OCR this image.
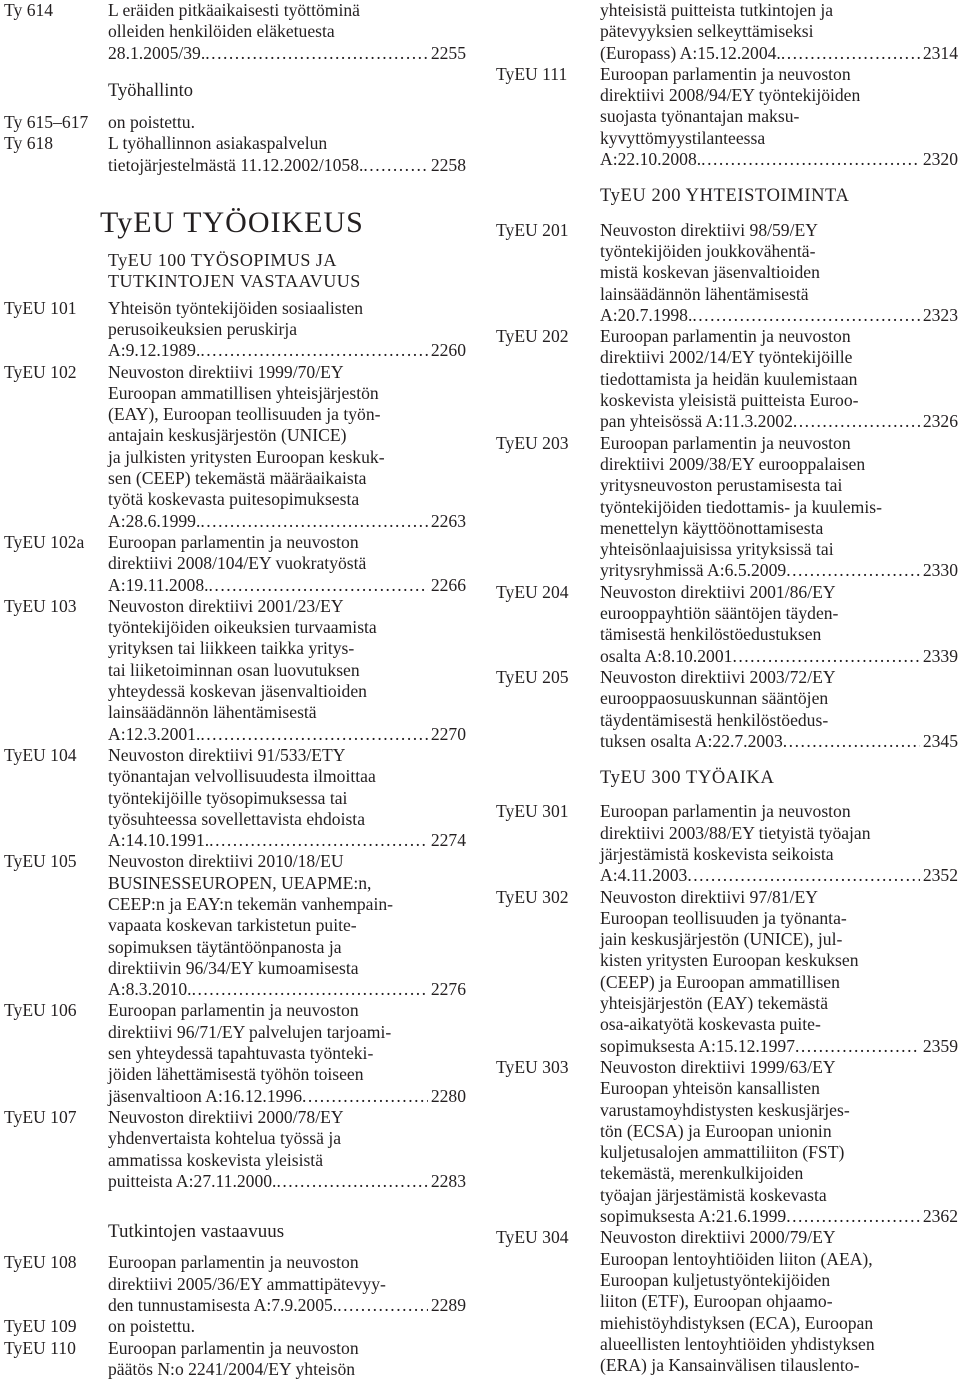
Ty 614	L eräiden pitkäaikaisesti työttöminä
olleiden henkilöiden eläketuesta
28.1.2005/39. .....	2255
Työhallinto
Ty 615–617 on poistettu.
Ty 618	L työhallinnon asiakaspalvelun
tietojärjestelmästä 11.12.2002/1058. .....	2258
TyEU TYÖOIKEUS
TyEU 100 TYÖSOPIMUS JA
TUTKINTOJEN VASTAAVUUS
TyEU 101 Yhteisön työntekijöiden sosiaalisten
perusoikeuksien peruskirja
A:9.12.1989. .....	2260
TyEU 102 Neuvoston direktiivi 1999/70/EY
Euroopan ammatillisen yhteisjärjestön
(EAY), Euroopan teollisuuden ja työn-
antajain keskusjärjestön (UNICE)
ja julkisten yritysten Euroopan keskuk-
sen (CEEP) tekemästä määräaikaista
työtä koskevasta puitesopimuksesta
A:28.6.1999. .....	2263
TyEU 102a Euroopan parlamentin ja neuvoston
direktiivi 2008/104/EY vuokratyöstä
A:19.11.2008. .....	2266
TyEU 103 Neuvoston direktiivi 2001/23/EY
työntekijöiden oikeuksien turvaamista
yrityksen tai liikkeen taikka yritys-
tai liiketoiminnan osan luovutuksen
yhteydessä koskevan jäsenvaltioiden
lainsäädännön lähentämisestä
A:12.3.2001. .....	2270
TyEU 104 Neuvoston direktiivi 91/533/ETY
työnantajan velvollisuudesta ilmoittaa
työntekijöille työsopimuksessa tai
työsuhteessa sovellettavista ehdoista
A:14.10.1991. .....	2274
TyEU 105 Neuvoston direktiivi 2010/18/EU
BUSINESSEUROPEN, UEAPME:n,
CEEP:n ja EAY:n tekemän vanhempain-
vapaata koskevan tarkistetun puite-
sopimuksen täytäntöönpanosta ja
direktiivin 96/34/EY kumoamisesta
A:8.3.2010. .....	2276
TyEU 106 Euroopan parlamentin ja neuvoston
direktiivi 96/71/EY palvelujen tarjoami-
sen yhteydessä tapahtuvasta työnteki-
jöiden lähettämisestä työhön toiseen
jäsenvaltioon A:16.12.1996 .....	2280
TyEU 107 Neuvoston direktiivi 2000/78/EY
yhdenvertaista kohtelua työssä ja
ammatissa koskevista yleisistä
puitteista A:27.11.2000. .....	2283
Tutkintojen vastaavuus
TyEU 108 Euroopan parlamentin ja neuvoston
direktiivi 2005/36/EY ammattipätevyy-
den tunnustamisesta A:7.9.2005. .....	2289
TyEU 109 on poistettu.
TyEU 110 Euroopan parlamentin ja neuvoston
päätös N:o 2241/2004/EY yhteisön
yhteisistä puitteista tutkintojen ja
pätevyyksien selkeyttämiseksi
(Europass) A:15.12.2004. .....	2314
TyEU 111 Euroopan parlamentin ja neuvoston
direktiivi 2008/94/EY työntekijöiden
suojasta työnantajan maksu-
kyvyttömyystilanteessa
A:22.10.2008. .....	2320
TyEU 200 YHTEISTOIMINTA
TyEU 201 Neuvoston direktiivi 98/59/EY
työntekijöiden joukkovähentä-
mistä koskevan jäsenvaltioiden
lainsäädännön lähentämisestä
A:20.7.1998. .....	2323
TyEU 202 Euroopan parlamentin ja neuvoston
direktiivi 2002/14/EY työntekijöille
tiedottamista ja heidän kuulemistaan
koskevista yleisistä puitteista Euroo-
pan yhteisössä A:11.3.2002 .....	2326
TyEU 203 Euroopan parlamentin ja neuvoston
direktiivi 2009/38/EY eurooppalaisen
yritysneuvoston perustamisesta tai
työntekijöiden tiedottamis- ja kuulemis-
menettelyn käyttöönottamisesta
yhteisönlaajuisissa yrityksissä tai
yritysryhmissä A:6.5.2009 .....	2330
TyEU 204 Neuvoston direktiivi 2001/86/EY
eurooppayhtiön sääntöjen täyden-
tämisestä henkilöstöedustuksen
osalta A:8.10.2001 .....	2339
TyEU 205 Neuvoston direktiivi 2003/72/EY
eurooppaosuuskunnan sääntöjen
täydentämisestä henkilöstöedus-
tuksen osalta A:22.7.2003 .....	2345
TyEU 300 TYÖAIKA
TyEU 301 Euroopan parlamentin ja neuvoston
direktiivi 2003/88/EY tietyistä työajan
järjestämistä koskevista seikoista
A:4.11.2003 .....	2352
TyEU 302 Neuvoston direktiivi 97/81/EY
Euroopan teollisuuden ja työnanta-
jain keskusjärjestön (UNICE), jul-
kisten yritysten Euroopan keskuksen
(CEEP) ja Euroopan ammatillisen
yhteisjärjestön (EAY) tekemästä
osa-aikatyötä koskevasta puite-
sopimuksesta A:15.12.1997 .....	2359
TyEU 303 Neuvoston direktiivi 1999/63/EY
Euroopan yhteisön kansallisten
varustamoyhdistysten keskusjärjes-
tön (ECSA) ja Euroopan unionin
kuljetusalojen ammattiliiton (FST)
tekemästä, merenkulkijoiden
työajan järjestämistä koskevasta
sopimuksesta A:21.6.1999 .....	2362
TyEU 304 Neuvoston direktiivi 2000/79/EY
Euroopan lentoyhtiöiden liiton (AEA),
Euroopan kuljetustyöntekijöiden
liiton (ETF), Euroopan ohjaamo-
miehistöyhdistyksen (ECA), Euroopan
alueellisten lentoyhtiöiden yhdistyksen
(ERA) ja Kansainvälisen tilauslento-
